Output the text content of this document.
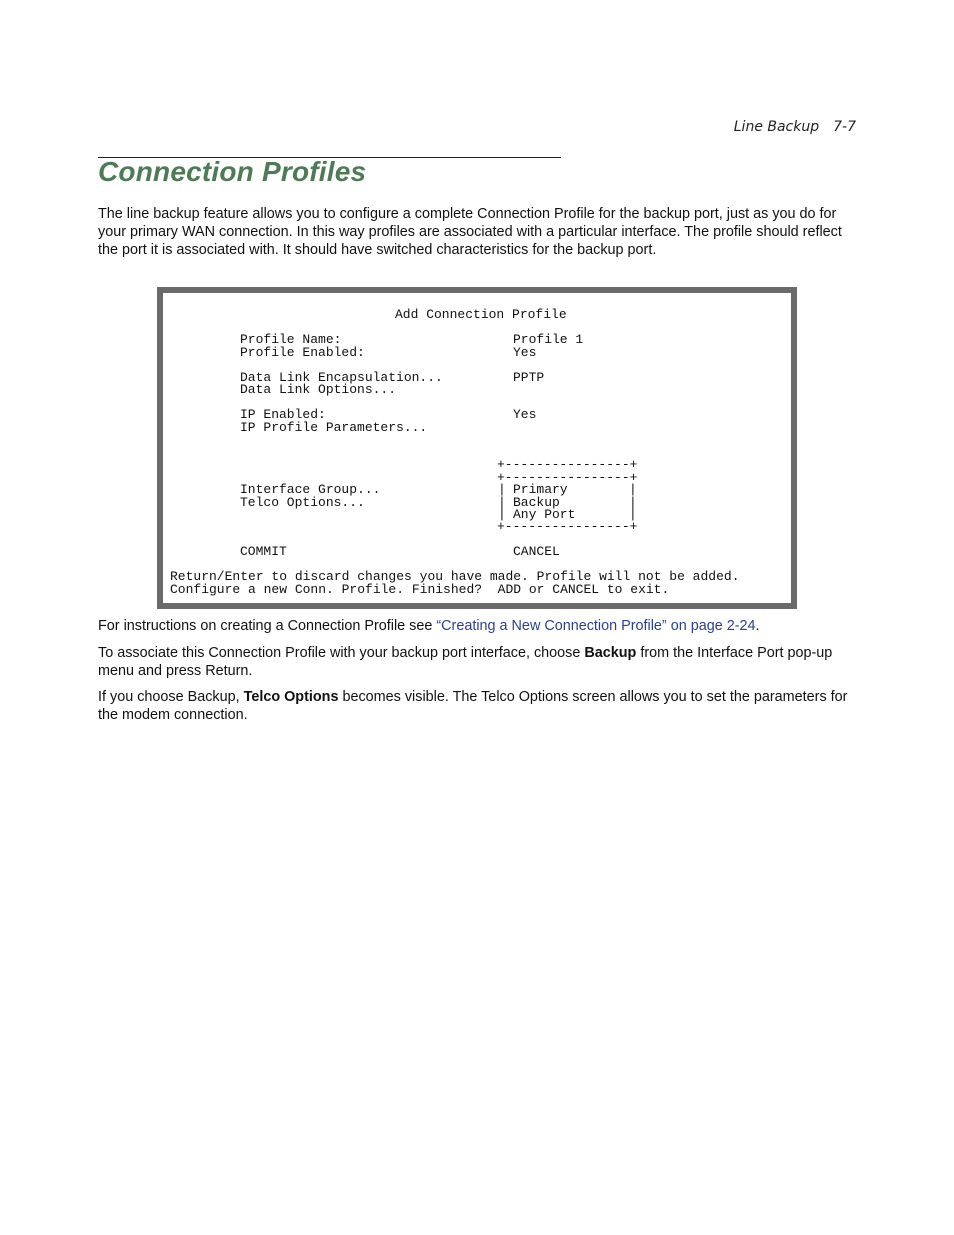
Line Backup 7-7
Connection Profiles

The line backup feature allows you to configure a complete Connection Profile for the backup port, just as you do for your primary WAN connection. In this way profiles are associated with a particular interface. The profile should reflect the port it is associated with. It should have switched characteristics for the backup port.

Add Connection Profile
Profile Name:	Profile 1
Profile Enabled:	Yes
Data Link Encapsulation...	PPTP
Data Link Options...
IP Enabled:	Yes
IP Profile Parameters...
Interface Group...
Telco Options...
+----------------+
+----------------+
|
|
|
|
|
|
Primary
Backup
Any Port
+----------------+
COMMIT	CANCEL
Return/Enter to discard changes you have made. Profile will not be added.
Configure a new Conn. Profile. Finished?  ADD or CANCEL to exit.

For instructions on creating a Connection Profile see “Creating a New Connection Profile” on page 2-24.

To associate this Connection Profile with your backup port interface, choose Backup from the Interface Port pop-up menu and press Return.

If you choose Backup, Telco Options becomes visible. The Telco Options screen allows you to set the parameters for the modem connection.
